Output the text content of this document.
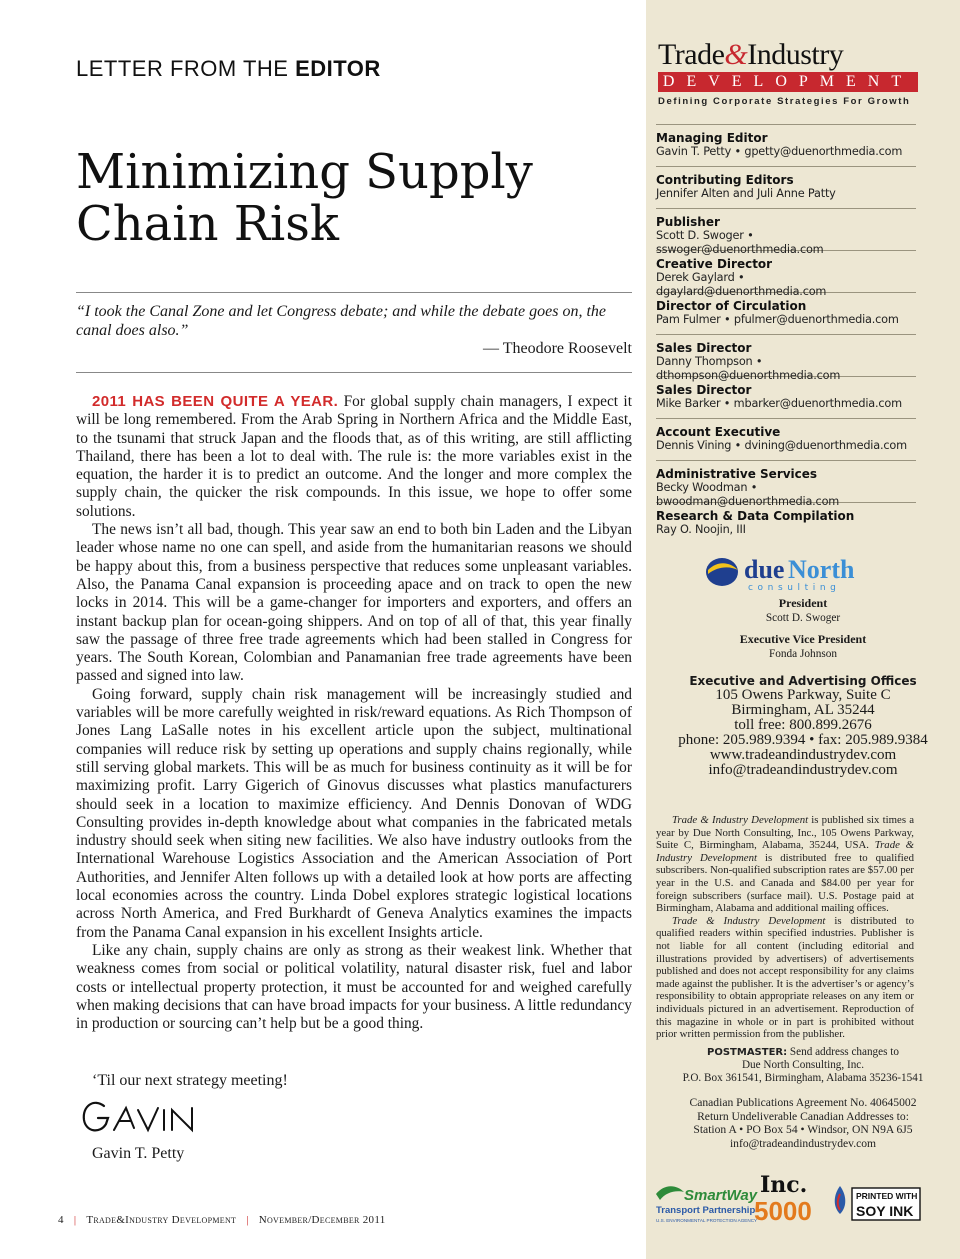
LETTER FROM THE EDITOR
Minimizing Supply
Chain Risk

“I took the Canal Zone and let Congress debate; and while the debate goes on, the canal does also.”

— Theodore Roosevelt

2011 HAS BEEN QUITE A YEAR. For global supply chain managers, I expect it will be long remembered. From the Arab Spring in Northern Africa and the Middle East, to the tsunami that struck Japan and the floods that, as of this writing, are still afflicting Thailand, there has been a lot to deal with. The rule is: the more variables exist in the equation, the harder it is to predict an outcome. And the longer and more complex the supply chain, the quicker the risk compounds. In this issue, we hope to offer some solutions.

The news isn’t all bad, though. This year saw an end to both bin Laden and the Libyan leader whose name no one can spell, and aside from the humanitarian reasons we should be happy about this, from a business perspective that reduces some unpleasant variables. Also, the Panama Canal expansion is proceeding apace and on track to open the new locks in 2014. This will be a game-changer for importers and exporters, and offers an instant backup plan for ocean-going shippers. And on top of all of that, this year finally saw the passage of three free trade agreements which had been stalled in Congress for years. The South Korean, Colombian and Panamanian free trade agreements have been passed and signed into law.

Going forward, supply chain risk management will be increasingly studied and variables will be more carefully weighted in risk/reward equations. As Rich Thompson of Jones Lang LaSalle notes in his excellent article upon the subject, multinational companies will reduce risk by setting up operations and supply chains regionally, while still serving global markets. This will be as much for business continuity as it will be for maximizing profit. Larry Gigerich of Ginovus discusses what plastics manufacturers should seek in a location to maximize efficiency. And Dennis Donovan of WDG Consulting provides in-depth knowledge about what companies in the fabricated metals industry should seek when siting new facilities. We also have industry outlooks from the International Warehouse Logistics Association and the American Association of Port Authorities, and Jennifer Alten follows up with a detailed look at how ports are affecting local economies across the country. Linda Dobel explores strategic logistical locations across North America, and Fred Burkhardt of Geneva Analytics examines the impacts from the Panama Canal expansion in his excellent Insights article.

Like any chain, supply chains are only as strong as their weakest link. Whether that weakness comes from social or political volatility, natural disaster risk, fuel and labor costs or intellectual property protection, it must be accounted for and weighed carefully when making decisions that can have broad impacts for your business. A little redundancy in production or sourcing can’t help but be a good thing.

‘Til our next strategy meeting!
Gavin T. Petty
4 | Trade&Industry Development | November/December 2011
Trade&Industry
DEVELOPMENT
Defining Corporate Strategies For Growth
Managing Editor
Gavin T. Petty • gpetty@duenorthmedia.com
Contributing Editors
Jennifer Alten and Juli Anne Patty
Publisher
Scott D. Swoger • sswoger@duenorthmedia.com
Creative Director
Derek Gaylard • dgaylard@duenorthmedia.com
Director of Circulation
Pam Fulmer • pfulmer@duenorthmedia.com
Sales Director
Danny Thompson • dthompson@duenorthmedia.com
Sales Director
Mike Barker • mbarker@duenorthmedia.com
Account Executive
Dennis Vining • dvining@duenorthmedia.com
Administrative Services
Becky Woodman • bwoodman@duenorthmedia.com
Research & Data Compilation
Ray O. Noojin, III
due North
consulting
President
Scott D. Swoger
Executive Vice President
Fonda Johnson
Executive and Advertising Offices
105 Owens Parkway, Suite C
Birmingham, AL 35244
toll free: 800.899.2676
phone: 205.989.9394 • fax: 205.989.9384
www.tradeandindustrydev.com
info@tradeandindustrydev.com

Trade & Industry Development is published six times a year by Due North Consulting, Inc., 105 Owens Parkway, Suite C, Birmingham, Alabama, 35244, USA. Trade & Industry Development is distributed free to qualified subscribers. Non-qualified subscription rates are $57.00 per year in the U.S. and Canada and $84.00 per year for foreign subscribers (surface mail). U.S. Postage paid at Birmingham, Alabama and additional mailing offices.

Trade & Industry Development is distributed to qualified readers within specified industries. Publisher is not liable for all content (including editorial and illustrations provided by advertisers) of advertisements published and does not accept responsibility for any claims made against the publisher. It is the advertiser’s or agency’s responsibility to obtain appropriate releases on any item or individuals pictured in an advertisement. Reproduction of this magazine in whole or in part is prohibited without prior written permission from the publisher.

POSTMASTER: Send address changes to
Due North Consulting, Inc.
P.O. Box 361541, Birmingham, Alabama 35236-1541
Canadian Publications Agreement No. 40645002
Return Undeliverable Canadian Addresses to:
Station A • PO Box 54 • Windsor, ON N9A 6J5
info@tradeandindustrydev.com
SmartWay
Transport Partnership
U.S. ENVIRONMENTAL PROTECTION AGENCY
Inc.
5000	PRINTED WITH
SOY INK
